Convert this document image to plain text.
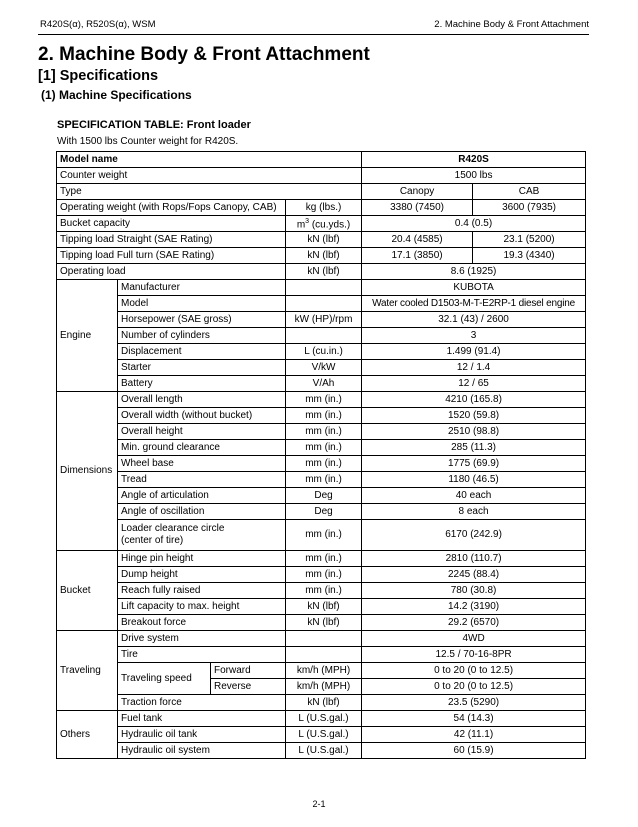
R420S(α), R520S(α), WSM	2. Machine Body & Front Attachment
2. Machine Body & Front Attachment
[1] Specifications
(1) Machine Specifications
SPECIFICATION TABLE: Front loader
With 1500 lbs Counter weight for R420S.
Model name				R420S	
Counter weight				1500 lbs	
Type				Canopy	CAB
Operating weight (with Rops/Fops Canopy, CAB)			kg (lbs.)	3380 (7450)	3600 (7935)
Bucket capacity			$m^3$ (cu.yds.)	0.4 (0.5)	
Tipping load Straight (SAE Rating)			kN (lbf)	20.4 (4585)	23.1 (5200)
Tipping load Full turn (SAE Rating)			kN (lbf)	17.1 (3850)	19.3 (4340)
Operating load			kN (lbf)	8.6 (1925)	
Engine	Manufacturer			KUBOTA	
	Model			Water cooled D1503-M-T-E2RP-1 diesel engine	
	Horsepower (SAE gross)		kW (HP)/rpm	32.1 (43) / 2600	
	Number of cylinders			3	
	Displacement		L (cu.in.)	1.499 (91.4)	
	Starter		V/kW	12 / 1.4	
	Battery		V/Ah	12 / 65	
Dimensions	Overall length		mm (in.)	4210 (165.8)	
	Overall width (without bucket)		mm (in.)	1520 (59.8)	
	Overall height		mm (in.)	2510 (98.8)	
	Min. ground clearance		mm (in.)	285 (11.3)	
	Wheel base		mm (in.)	1775 (69.9)	
	Tread		mm (in.)	1180 (46.5)	
	Angle of articulation		Deg	40 each	
	Angle of oscillation		Deg	8 each	
	Loader clearance circle
(center of tire)		mm (in.)	6170 (242.9)	
Bucket	Hinge pin height		mm (in.)	2810 (110.7)	
	Dump height		mm (in.)	2245 (88.4)	
	Reach fully raised		mm (in.)	780 (30.8)	
	Lift capacity to max. height		kN (lbf)	14.2 (3190)	
	Breakout force		kN (lbf)	29.2 (6570)	
Traveling	Drive system			4WD	
	Tire			12.5 / 70-16-8PR	
	Traveling speed	Forward	km/h (MPH)	0 to 20 (0 to 12.5)	
		Reverse	km/h (MPH)	0 to 20 (0 to 12.5)	
	Traction force		kN (lbf)	23.5 (5290)	
Others	Fuel tank		L (U.S.gal.)	54 (14.3)	
	Hydraulic oil tank		L (U.S.gal.)	42 (11.1)	
	Hydraulic oil system		L (U.S.gal.)	60 (15.9)	
2-1
